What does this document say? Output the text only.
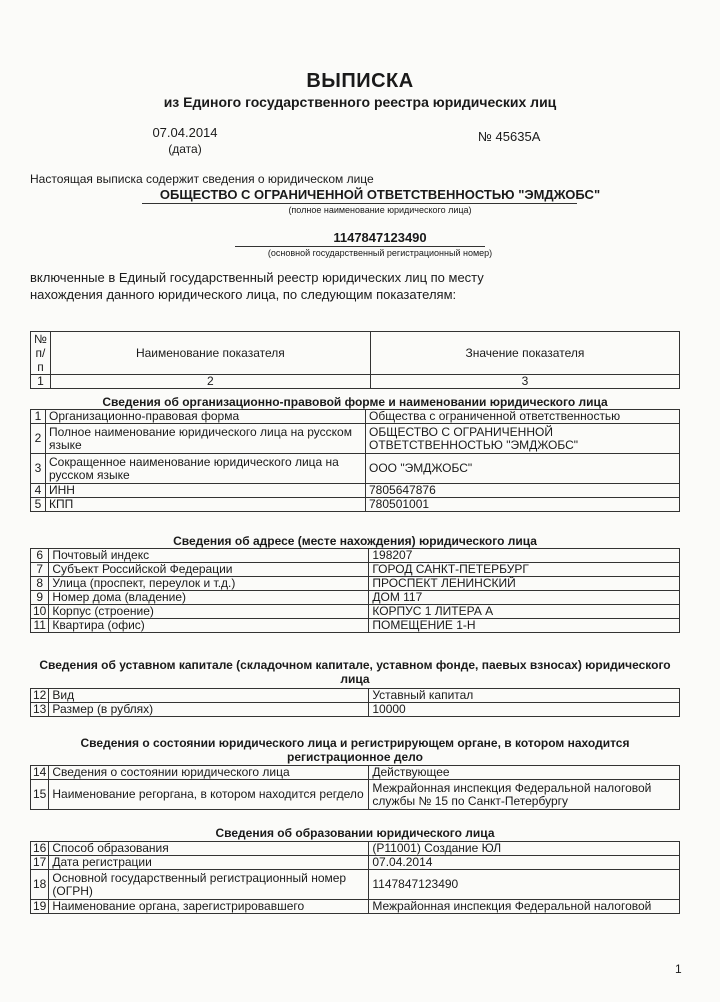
ВЫПИСКА
из Единого государственного реестра юридических лиц
07.04.2014
(дата)
№ 45635А
Настоящая выписка содержит сведения о юридическом лице
ОБЩЕСТВО С ОГРАНИЧЕННОЙ ОТВЕТСТВЕННОСТЬЮ "ЭМДЖОБС"
(полное наименование юридического лица)
1147847123490
(основной государственный регистрационный номер)
включенные в Единый государственный реестр юридических лиц по месту
нахождения данного юридического лица, по следующим показателям:
№ п/п	Наименование показателя	Значение показателя
1	2	3
Сведения об организационно-правовой форме и наименовании юридического лица
1	Организационно-правовая форма	Общества с ограниченной ответственностью
2	Полное наименование юридического лица на русском языке	ОБЩЕСТВО С ОГРАНИЧЕННОЙ ОТВЕТСТВЕННОСТЬЮ "ЭМДЖОБС"
3	Сокращенное наименование юридического лица на русском языке	ООО "ЭМДЖОБС"
4	ИНН	7805647876
5	КПП	780501001
Сведения об адресе (месте нахождения) юридического лица
6	Почтовый индекс	198207
7	Субъект Российской Федерации	ГОРОД САНКТ-ПЕТЕРБУРГ
8	Улица (проспект, переулок и т.д.)	ПРОСПЕКТ ЛЕНИНСКИЙ
9	Номер дома (владение)	ДОМ 117
10	Корпус (строение)	КОРПУС 1 ЛИТЕРА А
11	Квартира (офис)	ПОМЕЩЕНИЕ 1-Н
Сведения об уставном капитале (складочном капитале, уставном фонде, паевых взносах) юридического лица
12	Вид	Уставный капитал
13	Размер (в рублях)	10000
Сведения о состоянии юридического лица и регистрирующем органе, в котором находится регистрационное дело
14	Сведения о состоянии юридического лица	Действующее
15	Наименование регоргана, в котором находится регдело	Межрайонная инспекция Федеральной налоговой службы № 15 по Санкт-Петербургу
Сведения об образовании юридического лица
16	Способ образования	(Р11001) Создание ЮЛ
17	Дата регистрации	07.04.2014
18	Основной государственный регистрационный номер (ОГРН)	1147847123490
19	Наименование органа, зарегистрировавшего	Межрайонная инспекция Федеральной налоговой
1
